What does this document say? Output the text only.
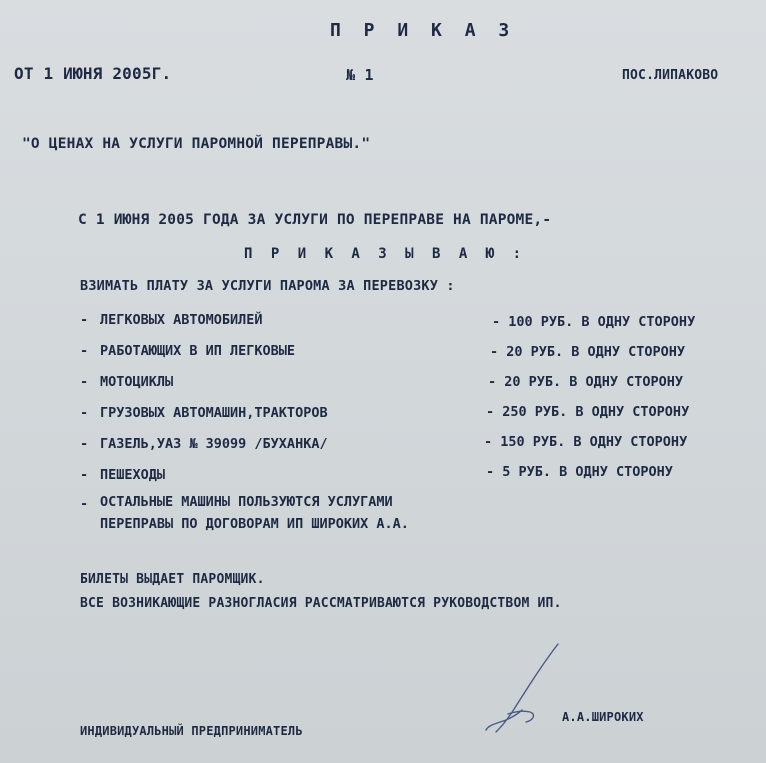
П Р И К А З
ОТ 1 ИЮНЯ 2005Г.	№ 1	ПОС.ЛИПАКОВО
"О ЦЕНАХ НА УСЛУГИ ПАРОМНОЙ ПЕРЕПРАВЫ."
С 1 ИЮНЯ 2005 ГОДА ЗА УСЛУГИ ПО ПЕРЕПРАВЕ НА ПАРОМЕ,-
П Р И К А З Ы В А Ю :
ВЗИМАТЬ ПЛАТУ ЗА УСЛУГИ ПАРОМА ЗА ПЕРЕВОЗКУ :
- ЛЕГКОВЫХ АВТОМОБИЛЕЙ	- 100 РУБ. В ОДНУ СТОРОНУ
- РАБОТАЮЩИХ В ИП ЛЕГКОВЫЕ	- 20 РУБ. В ОДНУ СТОРОНУ
- МОТОЦИКЛЫ	- 20 РУБ. В ОДНУ СТОРОНУ
- ГРУЗОВЫХ АВТОМАШИН,ТРАКТОРОВ	- 250 РУБ. В ОДНУ СТОРОНУ
- ГАЗЕЛЬ,УАЗ № 39099 /БУХАНКА/	- 150 РУБ. В ОДНУ СТОРОНУ
- ПЕШЕХОДЫ	- 5 РУБ. В ОДНУ СТОРОНУ
- ОСТАЛЬНЫЕ МАШИНЫ ПОЛЬЗУЮТСЯ УСЛУГАМИ
ПЕРЕПРАВЫ ПО ДОГОВОРАМ ИП ШИРОКИХ А.А.
БИЛЕТЫ ВЫДАЕТ ПАРОМЩИК.
ВСЕ ВОЗНИКАЮЩИЕ РАЗНОГЛАСИЯ РАССМАТРИВАЮТСЯ РУКОВОДСТВОМ ИП.
ИНДИВИДУАЛЬНЫЙ ПРЕДПРИНИМАТЕЛЬ
А.А.ШИРОКИХ
